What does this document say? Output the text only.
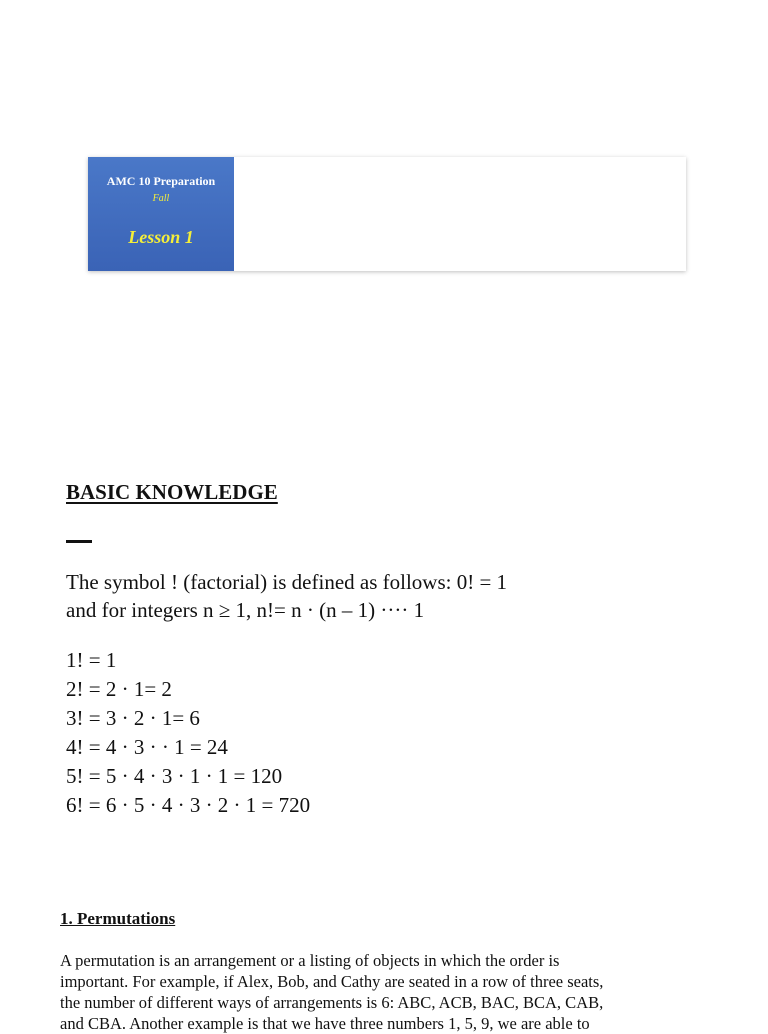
AMC 10 Preparation
Fall
Lesson 1
BASIC KNOWLEDGE
The symbol ! (factorial) is defined as follows: 0! = 1
and for integers n ≥ 1, n!= n · (n – 1) ···· 1
1! = 1
2! = 2 · 1= 2
3! = 3 · 2 · 1= 6
4! = 4 · 3 · · 1 = 24
5! = 5 · 4 · 3 · 1 · 1 = 120
6! = 6 · 5 · 4 · 3 · 2 · 1 = 720
1. Permutations
A permutation is an arrangement or a listing of objects in which the order is
important. For example, if Alex, Bob, and Cathy are seated in a row of three seats,
the number of different ways of arrangements is 6: ABC, ACB, BAC, BCA, CAB,
and CBA. Another example is that we have three numbers 1, 5, 9, we are able to
